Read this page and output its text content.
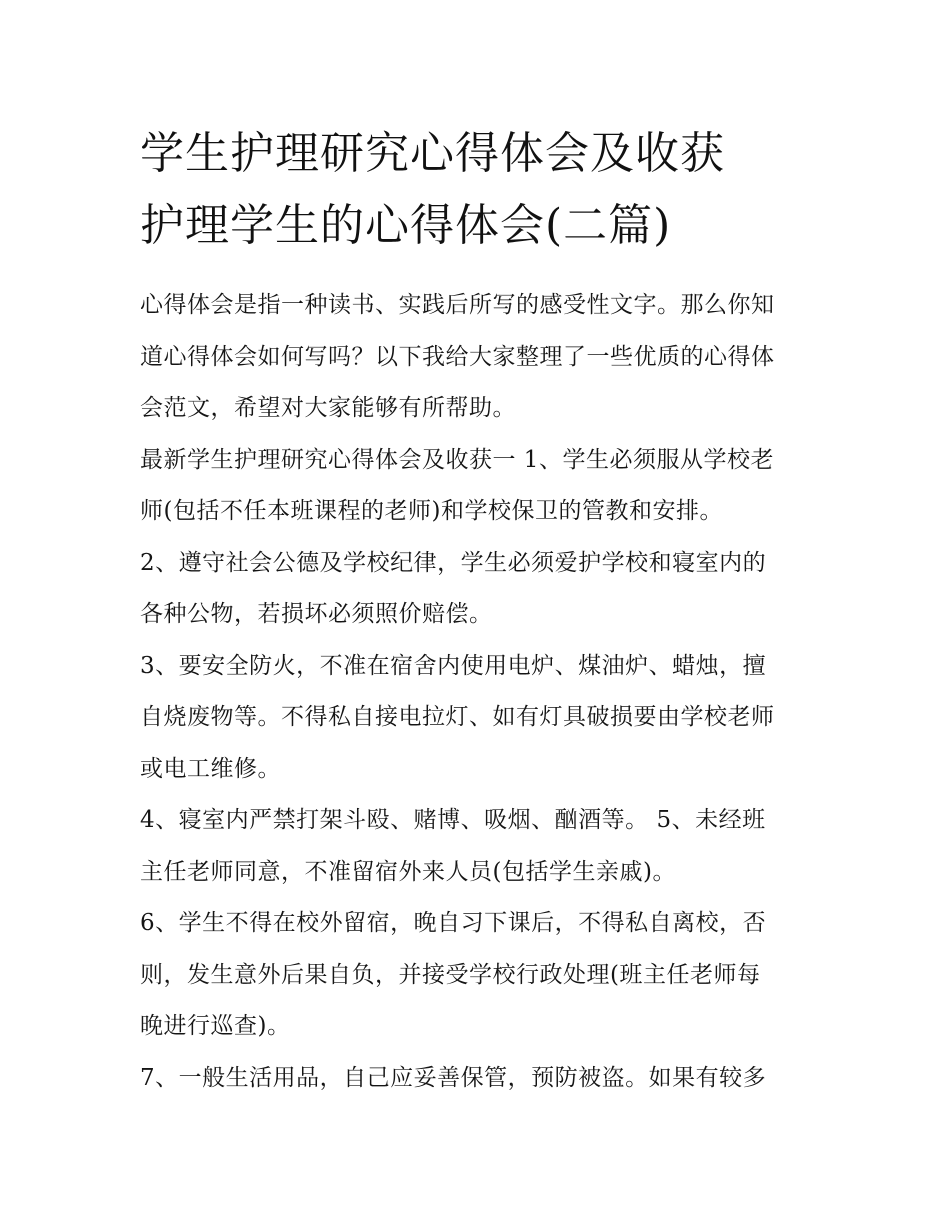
学生护理研究心得体会及收获
护理学生的心得体会(二篇)
心得体会是指一种读书、实践后所写的感受性文字。那么你知
道心得体会如何写吗？以下我给大家整理了一些优质的心得体
会范文，希望对大家能够有所帮助。
最新学生护理研究心得体会及收获一 1、学生必须服从学校老
师(包括不任本班课程的老师)和学校保卫的管教和安排。
2、遵守社会公德及学校纪律，学生必须爱护学校和寝室内的
各种公物，若损坏必须照价赔偿。
3、要安全防火，不准在宿舍内使用电炉、煤油炉、蜡烛，擅
自烧废物等。不得私自接电拉灯、如有灯具破损要由学校老师
或电工维修。
4、寝室内严禁打架斗殴、赌博、吸烟、酗酒等。 5、未经班
主任老师同意，不准留宿外来人员(包括学生亲戚)。
6、学生不得在校外留宿，晚自习下课后，不得私自离校，否
则，发生意外后果自负，并接受学校行政处理(班主任老师每
晚进行巡查)。
7、一般生活用品，自己应妥善保管，预防被盗。如果有较多
